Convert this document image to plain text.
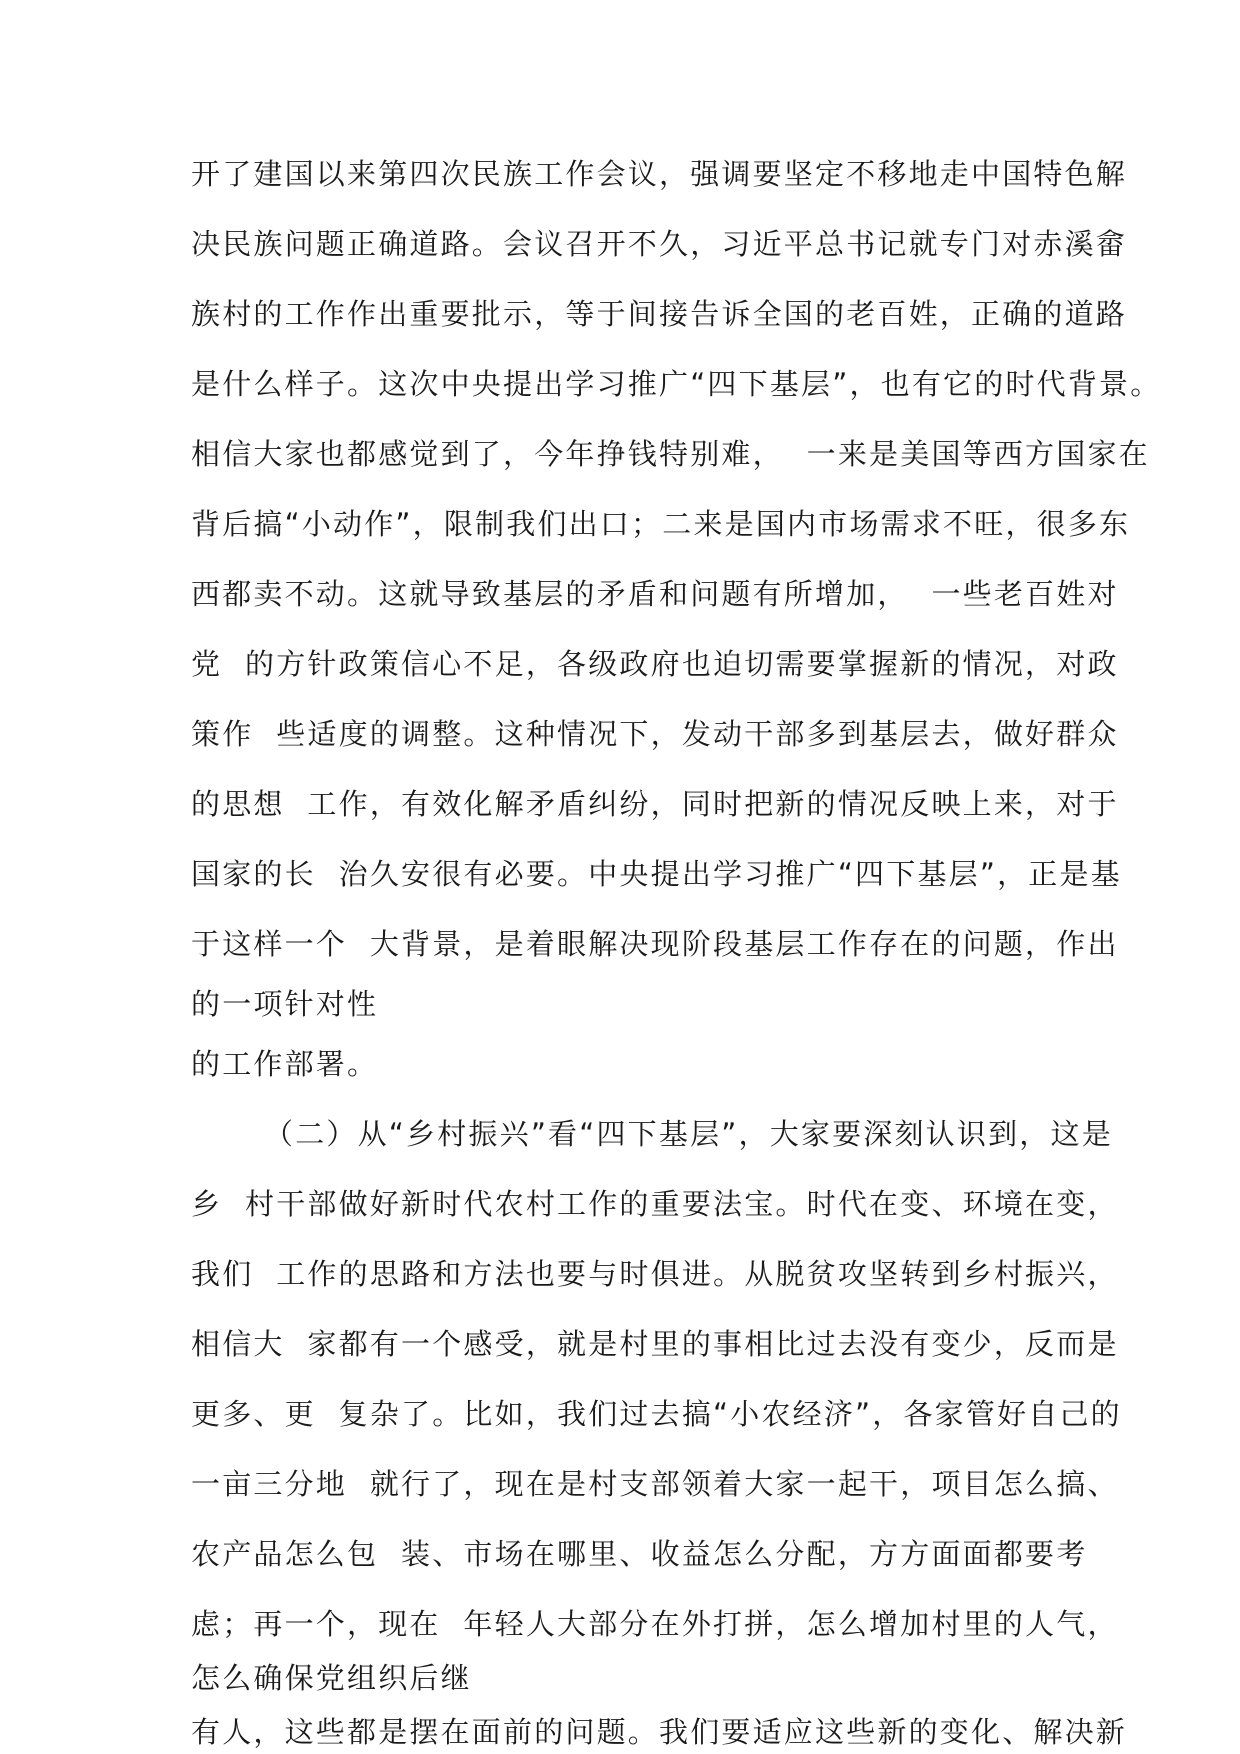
开了建国以来第四次民族工作会议，强调要坚定不移地走中国特色解
决民族问题正确道路。会议召开不久，习近平总书记就专门对赤溪畲
族村的工作作出重要批示，等于间接告诉全国的老百姓，正确的道路
是什么样子。这次中央提出学习推广“四下基层”，也有它的时代背景。
相信大家也都感觉到了，今年挣钱特别难，  一来是美国等西方国家在
背后搞“小动作”，限制我们出口；二来是国内市场需求不旺，很多东
西都卖不动。这就导致基层的矛盾和问题有所增加，  一些老百姓对
党  的方针政策信心不足，各级政府也迫切需要掌握新的情况，对政
策作  些适度的调整。这种情况下，发动干部多到基层去，做好群众
的思想  工作，有效化解矛盾纠纷，同时把新的情况反映上来，对于
国家的长  治久安很有必要。中央提出学习推广“四下基层”，正是基
于这样一个  大背景，是着眼解决现阶段基层工作存在的问题，作出
的一项针对性
的工作部署。
（二）从“乡村振兴”看“四下基层”，大家要深刻认识到，这是
乡  村干部做好新时代农村工作的重要法宝。时代在变、环境在变，
我们  工作的思路和方法也要与时俱进。从脱贫攻坚转到乡村振兴，
相信大  家都有一个感受，就是村里的事相比过去没有变少，反而是
更多、更  复杂了。比如，我们过去搞“小农经济”，各家管好自己的
一亩三分地  就行了，现在是村支部领着大家一起干，项目怎么搞、
农产品怎么包  装、市场在哪里、收益怎么分配，方方面面都要考
虑；再一个，现在  年轻人大部分在外打拼，怎么增加村里的人气，
怎么确保党组织后继
有人，这些都是摆在面前的问题。我们要适应这些新的变化、解决新
